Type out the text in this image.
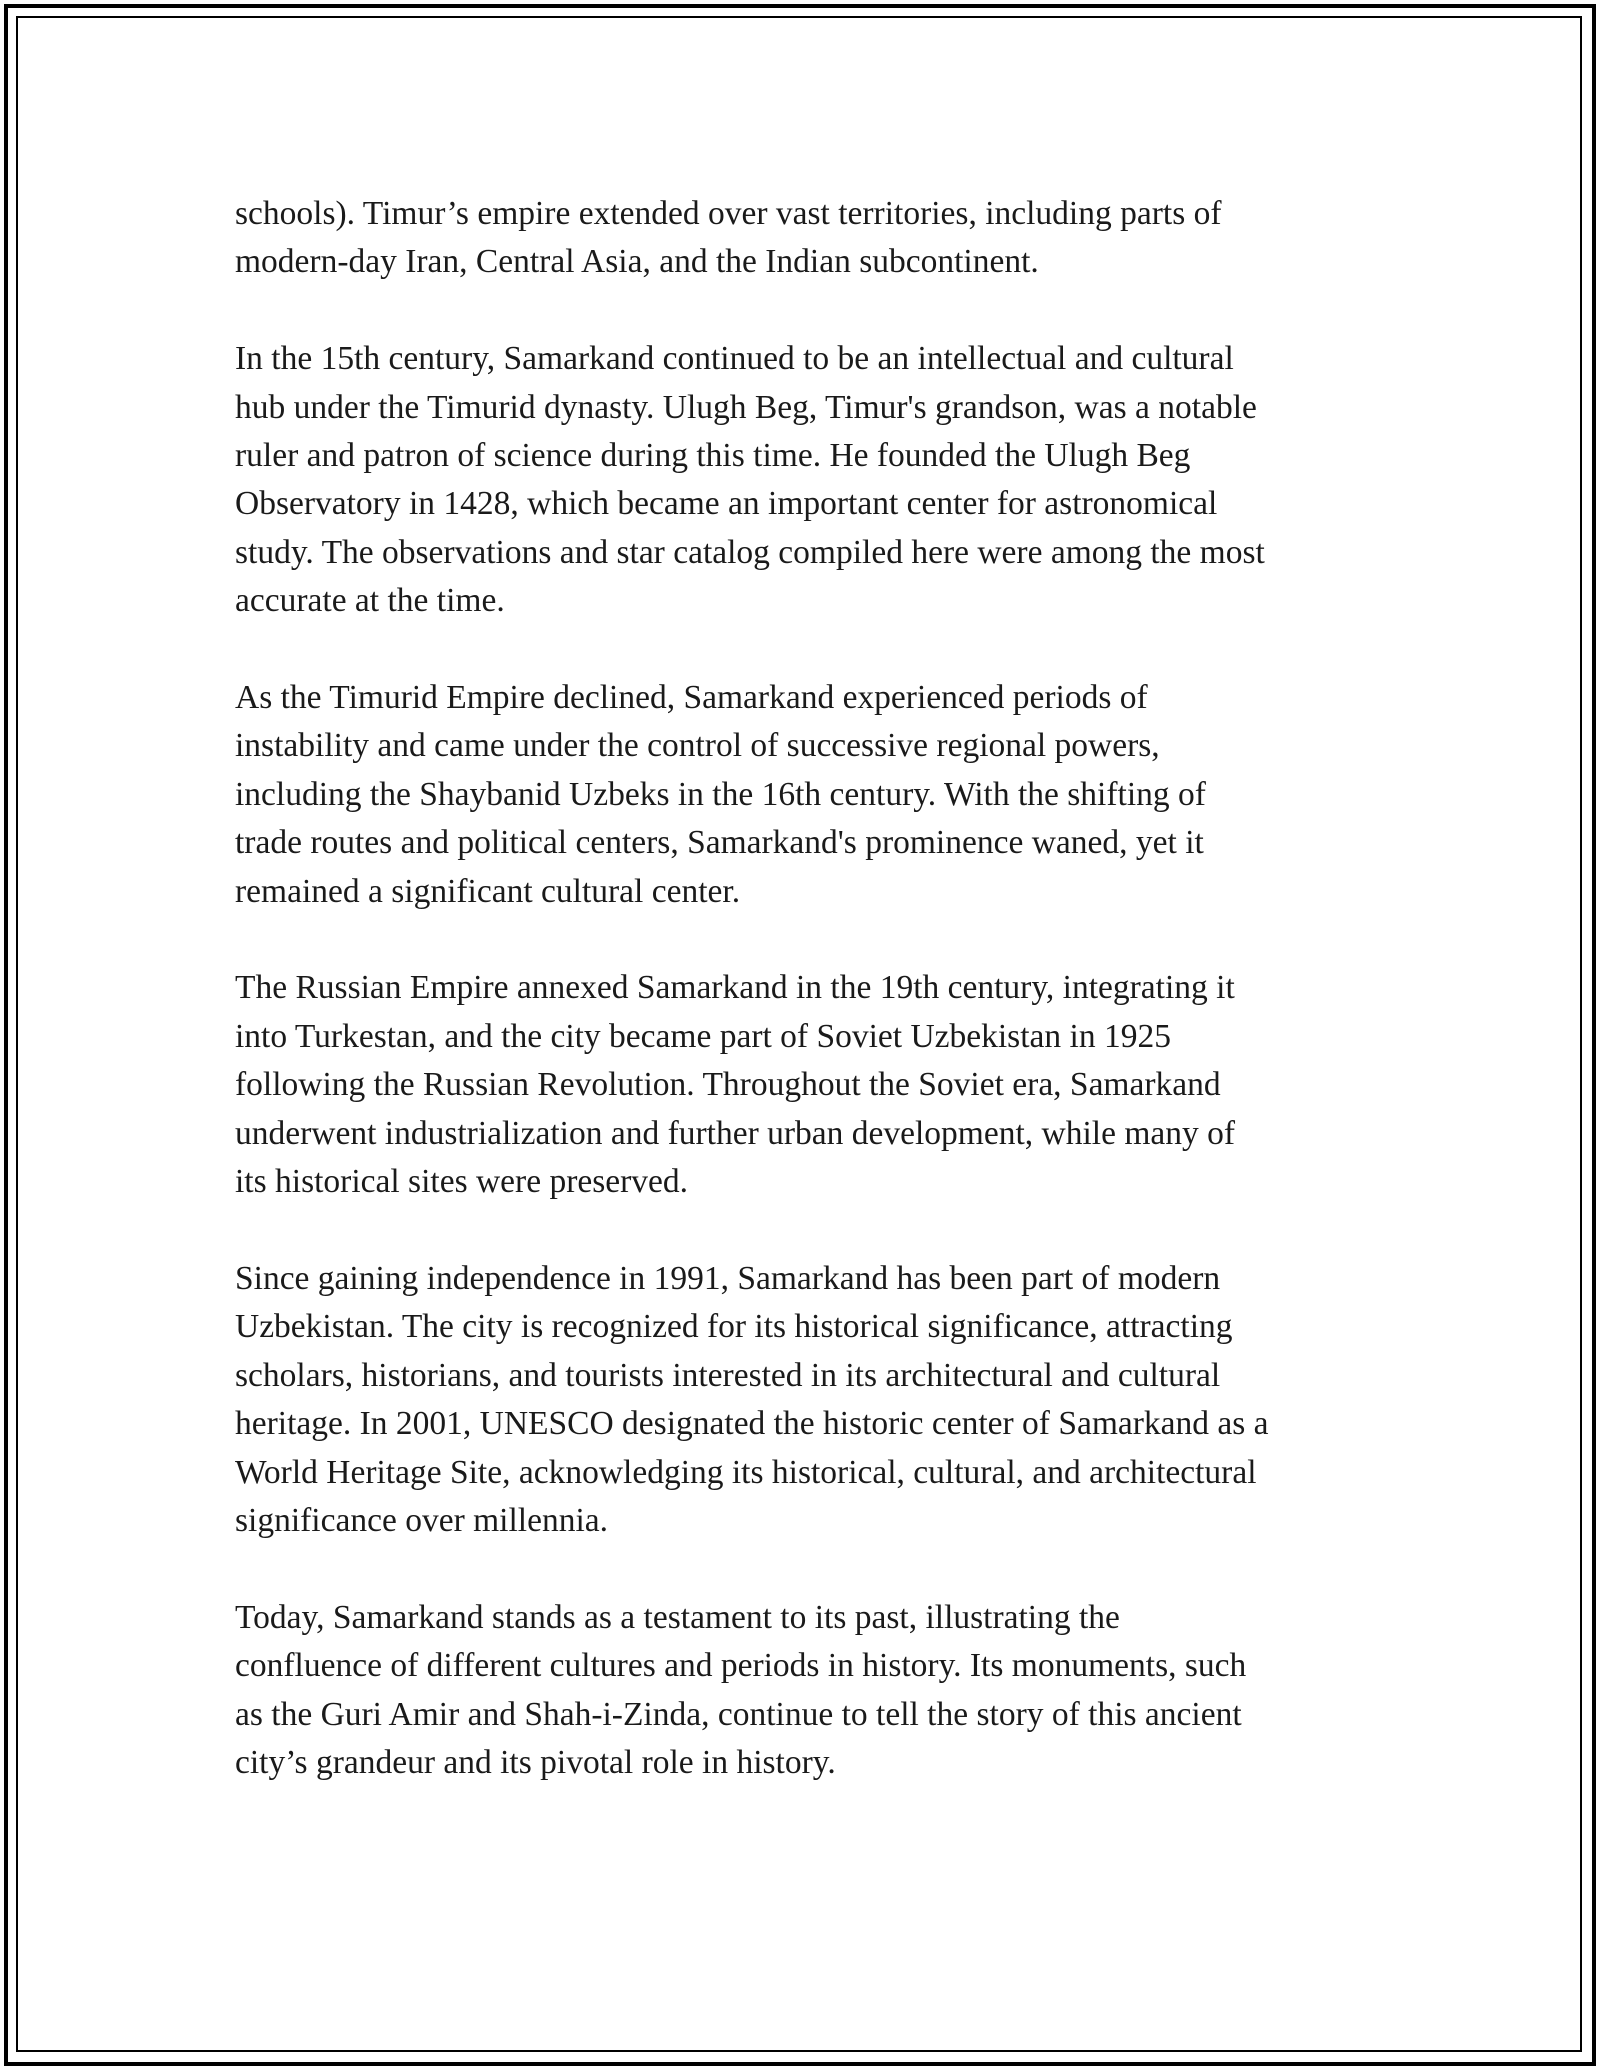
schools). Timur’s empire extended over vast territories, including parts of
modern-day Iran, Central Asia, and the Indian subcontinent.

In the 15th century, Samarkand continued to be an intellectual and cultural
hub under the Timurid dynasty. Ulugh Beg, Timur's grandson, was a notable
ruler and patron of science during this time. He founded the Ulugh Beg
Observatory in 1428, which became an important center for astronomical
study. The observations and star catalog compiled here were among the most
accurate at the time.

As the Timurid Empire declined, Samarkand experienced periods of
instability and came under the control of successive regional powers,
including the Shaybanid Uzbeks in the 16th century. With the shifting of
trade routes and political centers, Samarkand's prominence waned, yet it
remained a significant cultural center.

The Russian Empire annexed Samarkand in the 19th century, integrating it
into Turkestan, and the city became part of Soviet Uzbekistan in 1925
following the Russian Revolution. Throughout the Soviet era, Samarkand
underwent industrialization and further urban development, while many of
its historical sites were preserved.

Since gaining independence in 1991, Samarkand has been part of modern
Uzbekistan. The city is recognized for its historical significance, attracting
scholars, historians, and tourists interested in its architectural and cultural
heritage. In 2001, UNESCO designated the historic center of Samarkand as a
World Heritage Site, acknowledging its historical, cultural, and architectural
significance over millennia.

Today, Samarkand stands as a testament to its past, illustrating the
confluence of different cultures and periods in history. Its monuments, such
as the Guri Amir and Shah-i-Zinda, continue to tell the story of this ancient
city’s grandeur and its pivotal role in history.
